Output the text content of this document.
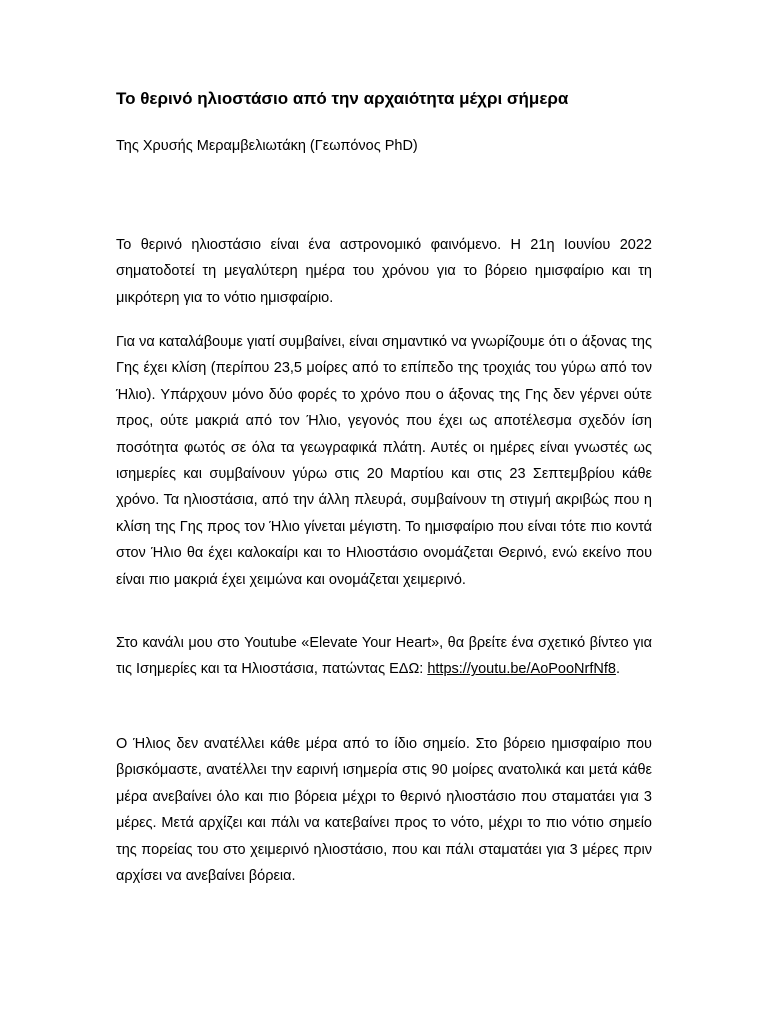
Το θερινό ηλιοστάσιο από την αρχαιότητα μέχρι σήμερα
Της Χρυσής Μεραμβελιωτάκη (Γεωπόνος PhD)

Το θερινό ηλιοστάσιο είναι ένα αστρονομικό φαινόμενο. Η 21η Ιουνίου 2022 σηματοδοτεί τη μεγαλύτερη ημέρα του χρόνου για το βόρειο ημισφαίριο και τη μικρότερη για το νότιο ημισφαίριο.

Για να καταλάβουμε γιατί συμβαίνει, είναι σημαντικό να γνωρίζουμε ότι ο άξονας της Γης έχει κλίση (περίπου 23,5 μοίρες από το επίπεδο της τροχιάς του γύρω από τον Ήλιο). Υπάρχουν μόνο δύο φορές το χρόνο που ο άξονας της Γης δεν γέρνει ούτε προς, ούτε μακριά από τον Ήλιο, γεγονός που έχει ως αποτέλεσμα σχεδόν ίση ποσότητα φωτός σε όλα τα γεωγραφικά πλάτη. Αυτές οι ημέρες είναι γνωστές ως ισημερίες και συμβαίνουν γύρω στις 20 Μαρτίου και στις 23 Σεπτεμβρίου κάθε χρόνο. Τα ηλιοστάσια, από την άλλη πλευρά, συμβαίνουν τη στιγμή ακριβώς που η κλίση της Γης προς τον Ήλιο γίνεται μέγιστη. Το ημισφαίριο που είναι τότε πιο κοντά στον Ήλιο θα έχει καλοκαίρι και το Ηλιοστάσιο ονομάζεται Θερινό, ενώ εκείνο που είναι πιο μακριά έχει χειμώνα και ονομάζεται χειμερινό.

Στο κανάλι μου στο Youtube «Elevate Your Heart», θα βρείτε ένα σχετικό βίντεο για τις Ισημερίες και τα Ηλιοστάσια, πατώντας ΕΔΩ: https://youtu.be/AoPooNrfNf8.

Ο Ήλιος δεν ανατέλλει κάθε μέρα από το ίδιο σημείο. Στο βόρειο ημισφαίριο που βρισκόμαστε, ανατέλλει την εαρινή ισημερία στις 90 μοίρες ανατολικά και μετά κάθε μέρα ανεβαίνει όλο και πιο βόρεια μέχρι το θερινό ηλιοστάσιο που σταματάει για 3 μέρες. Μετά αρχίζει και πάλι να κατεβαίνει προς το νότο, μέχρι το πιο νότιο σημείο της πορείας του στο χειμερινό ηλιοστάσιο, που και πάλι σταματάει για 3 μέρες πριν αρχίσει να ανεβαίνει βόρεια.
